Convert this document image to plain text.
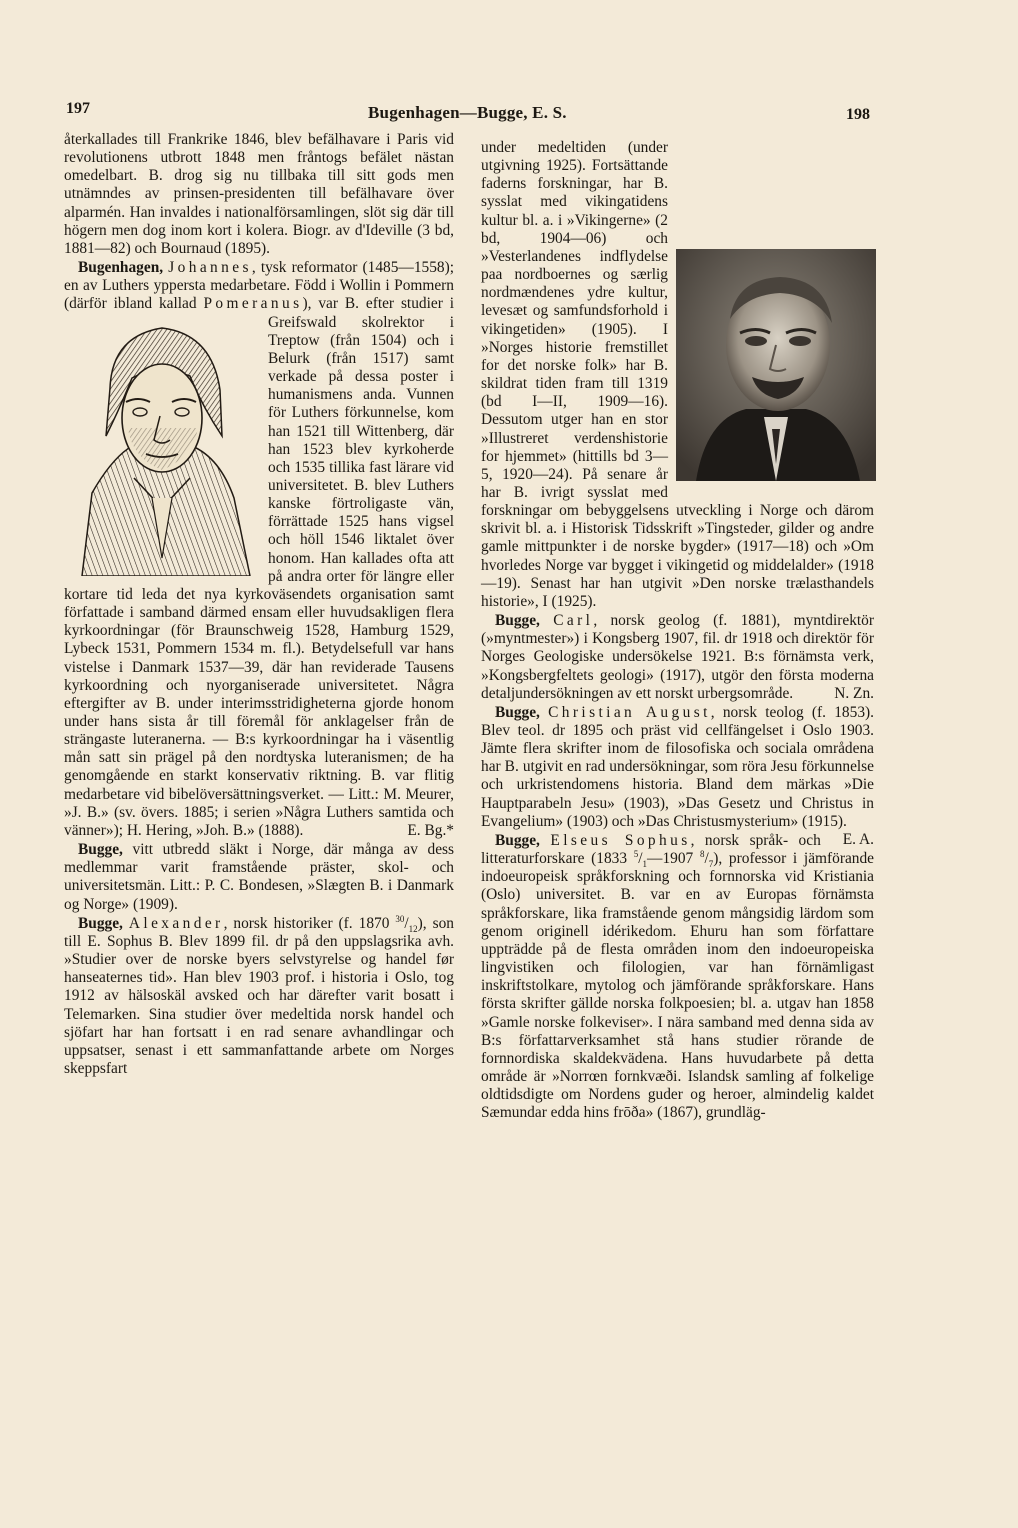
197	Bugenhagen—Bugge, E. S.	198

återkallades till Frankrike 1846, blev befälhavare i Paris vid revolutionens utbrott 1848 men fråntogs befälet nästan omedelbart. B. drog sig nu tillbaka till sitt gods men utnämndes av prinsen-presidenten till befälhavare över alparmén. Han invaldes i nationalförsamlingen, slöt sig där till högern men dog inom kort i kolera. Biogr. av d'Ideville (3 bd, 1881—82) och Bournaud (1895).

Bugenhagen, Johannes, tysk reformator (1485—1558); en av Luthers yppersta medarbetare. Född i Wollin i Pommern (därför ibland kallad Pomeranus), var B.
efter studier i Greifswald skolrektor i Treptow (från 1504) och i Belurk (från 1517) samt verkade på dessa poster i humanismens anda. Vunnen för Luthers förkunnelse, kom han 1521 till Wittenberg, där han 1523 blev kyrkoherde och 1535 tillika fast lärare vid universitetet. B. blev Luthers kanske förtroligaste vän, förrättade 1525 hans vigsel och höll 1546 liktalet över honom. Han kallades ofta att på andra orter för längre eller kortare tid leda det nya kyrkoväsendets organisation samt författade i samband därmed ensam eller huvudsakligen flera kyrkoordningar (för Braunschweig 1528, Hamburg 1529, Lybeck 1531, Pommern 1534 m. fl.). Betydelsefull var hans vistelse i Danmark 1537—39, där han reviderade Tausens kyrkoordning och nyorganiserade universitetet. Några eftergifter av B. under interimsstridigheterna gjorde honom under hans sista år till föremål för anklagelser från de strängaste luteranerna. — B:s kyrkoordningar ha i väsentlig mån satt sin prägel på den nordtyska luteranismen; de ha genomgående en starkt konservativ riktning. B. var flitig medarbetare vid bibelöversättningsverket. — Litt.: M. Meurer, »J. B.» (sv. övers. 1885; i serien »Några Luthers samtida och vänner»); H. Hering, »Joh. B.» (1888).	E. Bg.*

Bugge, vitt utbredd släkt i Norge, där många av dess medlemmar varit framstående präster, skol- och universitetsmän. Litt.: P. C. Bondesen, »Slægten B. i Danmark og Norge» (1909).

Bugge, Alexander, norsk historiker (f. 1870 $^{30}/_{12}$), son till E. Sophus B. Blev 1899 fil. dr på den uppslagsrika avh. »Studier over de norske byers selvstyrelse og handel før hanseaternes tid». Han blev 1903 prof. i historia i Oslo, tog 1912 av hälsoskäl avsked och har därefter varit bosatt i Telemarken. Sina studier över medeltida norsk handel och sjöfart har han fortsatt i en rad senare avhandlingar och uppsatser, senast i ett sammanfattande arbete om Norges skeppsfart

under medeltiden (under utgivning 1925). Fortsättande faderns forskningar, har B. sysslat med vikingatidens kultur bl. a. i »Vikingerne» (2 bd, 1904—06) och »Vesterlandenes indflydelse paa nordboernes og særlig nordmændenes ydre kultur, levesæt og samfundsforhold i vikingetiden» (1905). I »Norges historie fremstillet for det norske folk» har B. skildrat tiden fram till 1319 (bd I—II, 1909—16). Dessutom utger han en stor »Illustreret verdenshistorie for hjemmet» (hittills bd 3—5, 1920—24). På senare år har B. ivrigt sysslat med forskningar om bebyggelsens utveckling i Norge och därom skrivit bl. a. i Historisk Tidsskrift »Tingsteder, gilder og andre gamle mittpunkter i de norske bygder» (1917—18) och »Om hvorledes Norge var bygget i vikingetid og middelalder» (1918—19). Senast har han utgivit »Den norske trælasthandels historie», I (1925).

Bugge, Carl, norsk geolog (f. 1881), myntdirektör (»myntmester») i Kongsberg 1907, fil. dr 1918 och direktör för Norges Geologiske undersökelse 1921. B:s förnämsta verk, »Kongsbergfeltets geologi» (1917), utgör den första moderna detaljundersökningen av ett norskt urbergsområde.	N. Zn.

Bugge, Christian August, norsk teolog (f. 1853). Blev teol. dr 1895 och präst vid cellfängelset i Oslo 1903. Jämte flera skrifter inom de filosofiska och sociala områdena har B. utgivit en rad undersökningar, som röra Jesu förkunnelse och urkristendomens historia. Bland dem märkas »Die Hauptparabeln Jesu» (1903), »Das Gesetz und Christus in Evangelium» (1903) och »Das Christusmysterium» (1915).
E. A.

Bugge, Elseus Sophus, norsk språk- och litteraturforskare (1833 $^5/_1—1907$ $^8/_7$), professor i jämförande indoeuropeisk språkforskning och fornnorska vid Kristiania (Oslo) universitet. B. var en av Europas förnämsta språkforskare, lika framstående genom mångsidig lärdom som genom originell idérikedom. Ehuru han som författare uppträdde på de flesta områden inom den indoeuropeiska lingvistiken och filologien, var han förnämligast inskriftstolkare, mytolog och jämförande språkforskare. Hans första skrifter gällde norska folkpoesien; bl. a. utgav han 1858 »Gamle norske folkeviser». I nära samband med denna sida av B:s författarverksamhet stå hans studier rörande de fornnordiska skaldekvädena. Hans huvudarbete på detta område är »Norrœn fornkvæði. Islandsk samling af folkelige oldtidsdigte om Nordens guder og heroer, almindelig kaldet Sæmundar edda hins frōða» (1867), grundläg-
